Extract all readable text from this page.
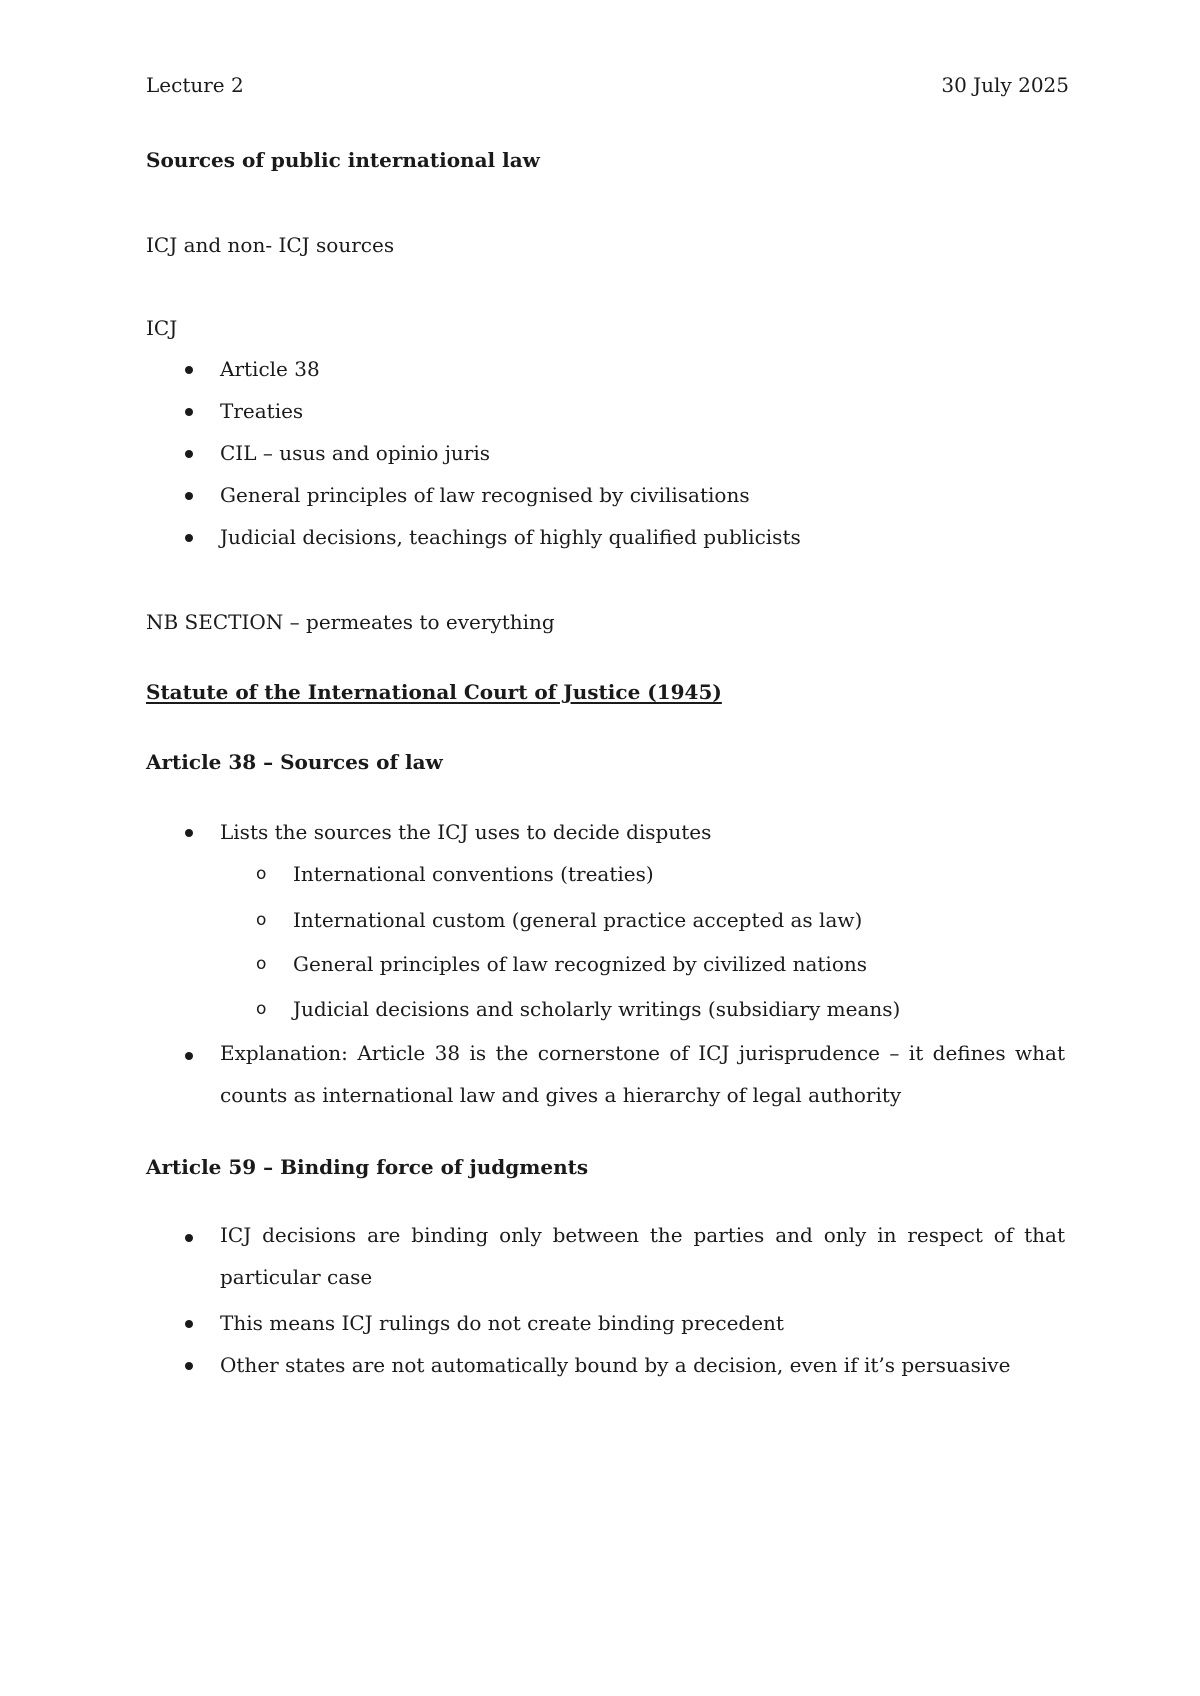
Lecture 2	30 July 2025

Sources of public international law

ICJ and non- ICJ sources

ICJ

Article 38
Treaties
CIL – usus and opinio juris
General principles of law recognised by civilisations
Judicial decisions, teachings of highly qualified publicists

NB SECTION – permeates to everything

Statute of the International Court of Justice (1945)

Article 38 – Sources of law

Lists the sources the ICJ uses to decide disputes
o International conventions (treaties)
o International custom (general practice accepted as law)
o General principles of law recognized by civilized nations
o Judicial decisions and scholarly writings (subsidiary means)

Explanation: Article 38 is the cornerstone of ICJ jurisprudence – it defines what counts as international law and gives a hierarchy of legal authority

Article 59 – Binding force of judgments

ICJ decisions are binding only between the parties and only in respect of that particular case
This means ICJ rulings do not create binding precedent
Other states are not automatically bound by a decision, even if it’s persuasive
